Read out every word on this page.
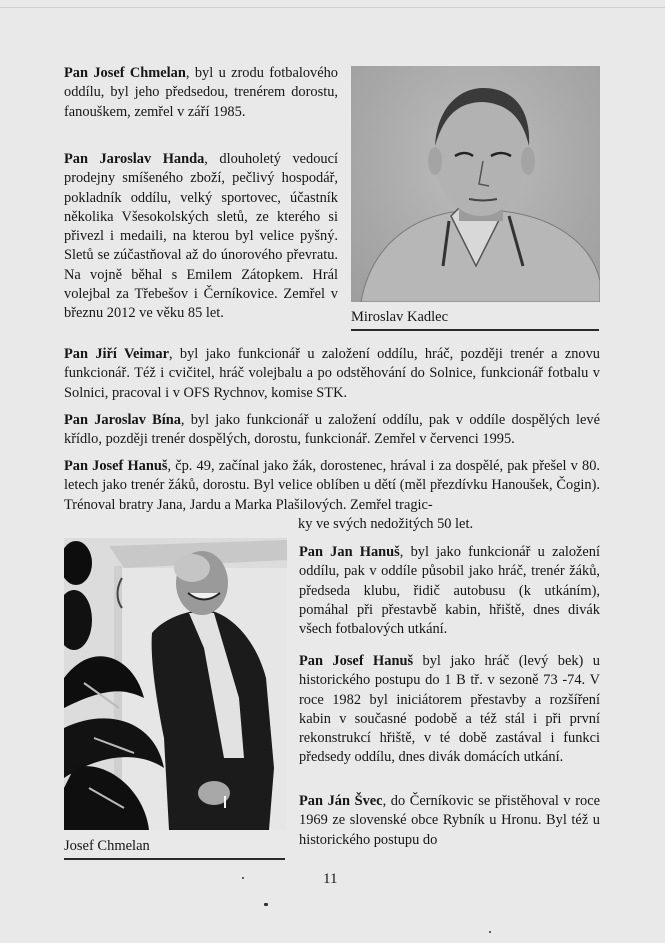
Pan Josef Chmelan, byl u zrodu fotbalového oddílu, byl jeho předsedou, trenérem dorostu, fanouškem, zemřel v září 1985.

Pan Jaroslav Handa, dlouholetý vedoucí prodejny smíšeného zboží, pečlivý hospodář, pokladník oddílu, velký sportovec, účastník několika Všesokolských sletů, ze kterého si přivezl i medaili, na kterou byl velice pyšný. Sletů se zúčastňoval až do únorového převratu. Na vojně běhal s Emilem Zátopkem. Hrál volejbal za Třebešov i Černíkovice. Zemřel v březnu 2012 ve věku 85 let.	Miroslav Kadlec

Pan Jiří Veimar, byl jako funkcionář u založení oddílu, hráč, později trenér a znovu funkcionář. Též i cvičitel, hráč volejbalu a po odstěhování do Solnice, funkcionář fotbalu v Solnici, pracoval i v OFS Rychnov, komise STK.

Pan Jaroslav Bína, byl jako funkcionář u založení oddílu, pak v oddíle dospělých levé křídlo, později trenér dospělých, dorostu, funkcionář. Zemřel v červenci 1995.

Pan Josef Hanuš, čp. 49, začínal jako žák, dorostenec, hrával i za dospělé, pak přešel v 80. letech jako trenér žáků, dorostu. Byl velice oblíben u dětí (měl přezdívku Hanoušek, Čogin). Trénoval bratry Jana, Jardu a Marka Plašilových. Zemřel tragic-

ky ve svých nedožitých 50 let.
Josef Chmelan

Pan Jan Hanuš, byl jako funkcionář u založení oddílu, pak v oddíle působil jako hráč, trenér žáků, předseda klubu, řidič autobusu (k utkáním), pomáhal při přestavbě kabin, hřiště, dnes divák všech fotbalových utkání.

Pan Josef Hanuš byl jako hráč (levý bek) u historického postupu do 1 B tř. v sezoně 73 -74. V roce 1982 byl iniciátorem přestavby a rozšíření kabin v současné podobě a též stál i při první rekonstrukcí hřiště, v té době zastával i funkci předsedy oddílu, dnes divák domácích utkání.

Pan Ján Švec, do Černíkovic se přistěhoval v roce 1969 ze slovenské obce Rybník u Hronu. Byl též u historického postupu do

11
